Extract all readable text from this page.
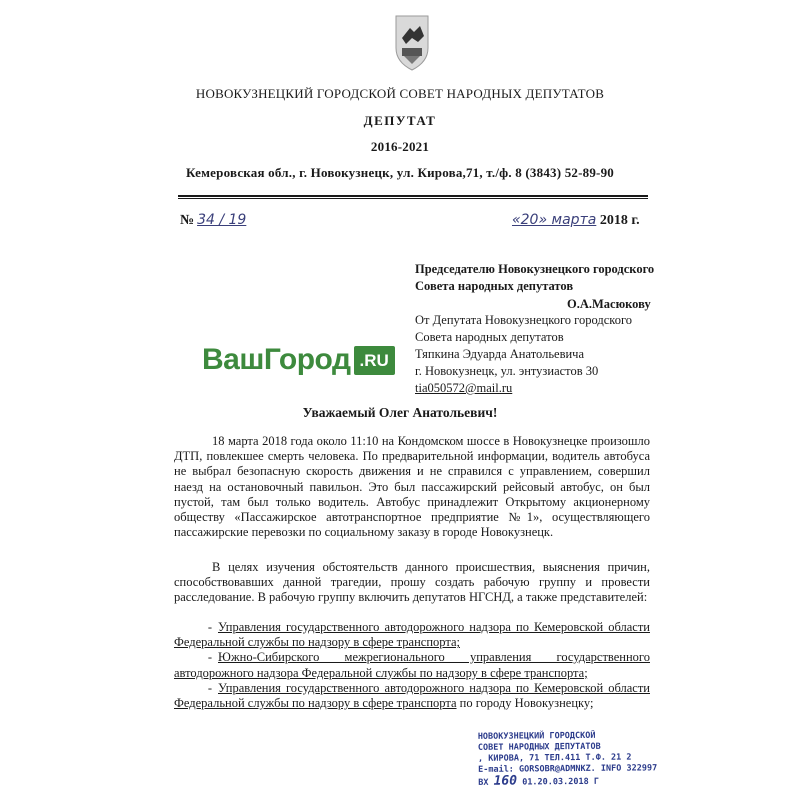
НОВОКУЗНЕЦКИЙ ГОРОДСКОЙ СОВЕТ НАРОДНЫХ ДЕПУТАТОВ
ДЕПУТАТ
2016-2021
Кемеровская обл., г. Новокузнецк, ул. Кирова,71, т./ф. 8 (3843) 52-89-90
№ 34 / 19	«20» марта 2018 г.
Председателю Новокузнецкого городского
Совета народных депутатов
О.А.Масюкову
От Депутата Новокузнецкого городского
Совета народных депутатов
Тяпкина Эдуарда Анатольевича
г. Новокузнецк, ул. энтузиастов 30
tia050572@mail.ru
ВашГород .RU
Уважаемый Олег Анатольевич!

18 марта 2018 года около 11:10 на Кондомском шоссе в Новокузнецке произошло ДТП, повлекшее смерть человека. По предварительной информации, водитель автобуса не выбрал безопасную скорость движения и не справился с управлением, совершил наезд на остановочный павильон. Это был пассажирский рейсовый автобус, он был пустой, там был только водитель. Автобус принадлежит Открытому акционерному обществу «Пассажирское автотранспортное предприятие №1», осуществляющего пассажирские перевозки по социальному заказу в городе Новокузнецк.

В целях изучения обстоятельств данного происшествия, выяснения причин, способствовавших данной трагедии, прошу создать рабочую группу и провести расследование. В рабочую группу включить депутатов НГСНД, а также представителей:

- Управления государственного автодорожного надзора по Кемеровской области Федеральной службы по надзору в сфере транспорта;

- Южно-Сибирского межрегионального управления государственного автодорожного надзора Федеральной службы по надзору в сфере транспорта;

- Управления государственного автодорожного надзора по Кемеровской области Федеральной службы по надзору в сфере транспорта по городу Новокузнецку;

НОВОКУЗНЕЦКИЙ ГОРОДСКОЙ
СОВЕТ НАРОДНЫХ ДЕПУТАТОВ
, КИРОВА, 71 ТЕЛ.411 Т.Ф. 21 2
E-mail: GORSOBR@ADMNKZ. INFO 322997
ВХ 160 01.20.03.2018 Г
